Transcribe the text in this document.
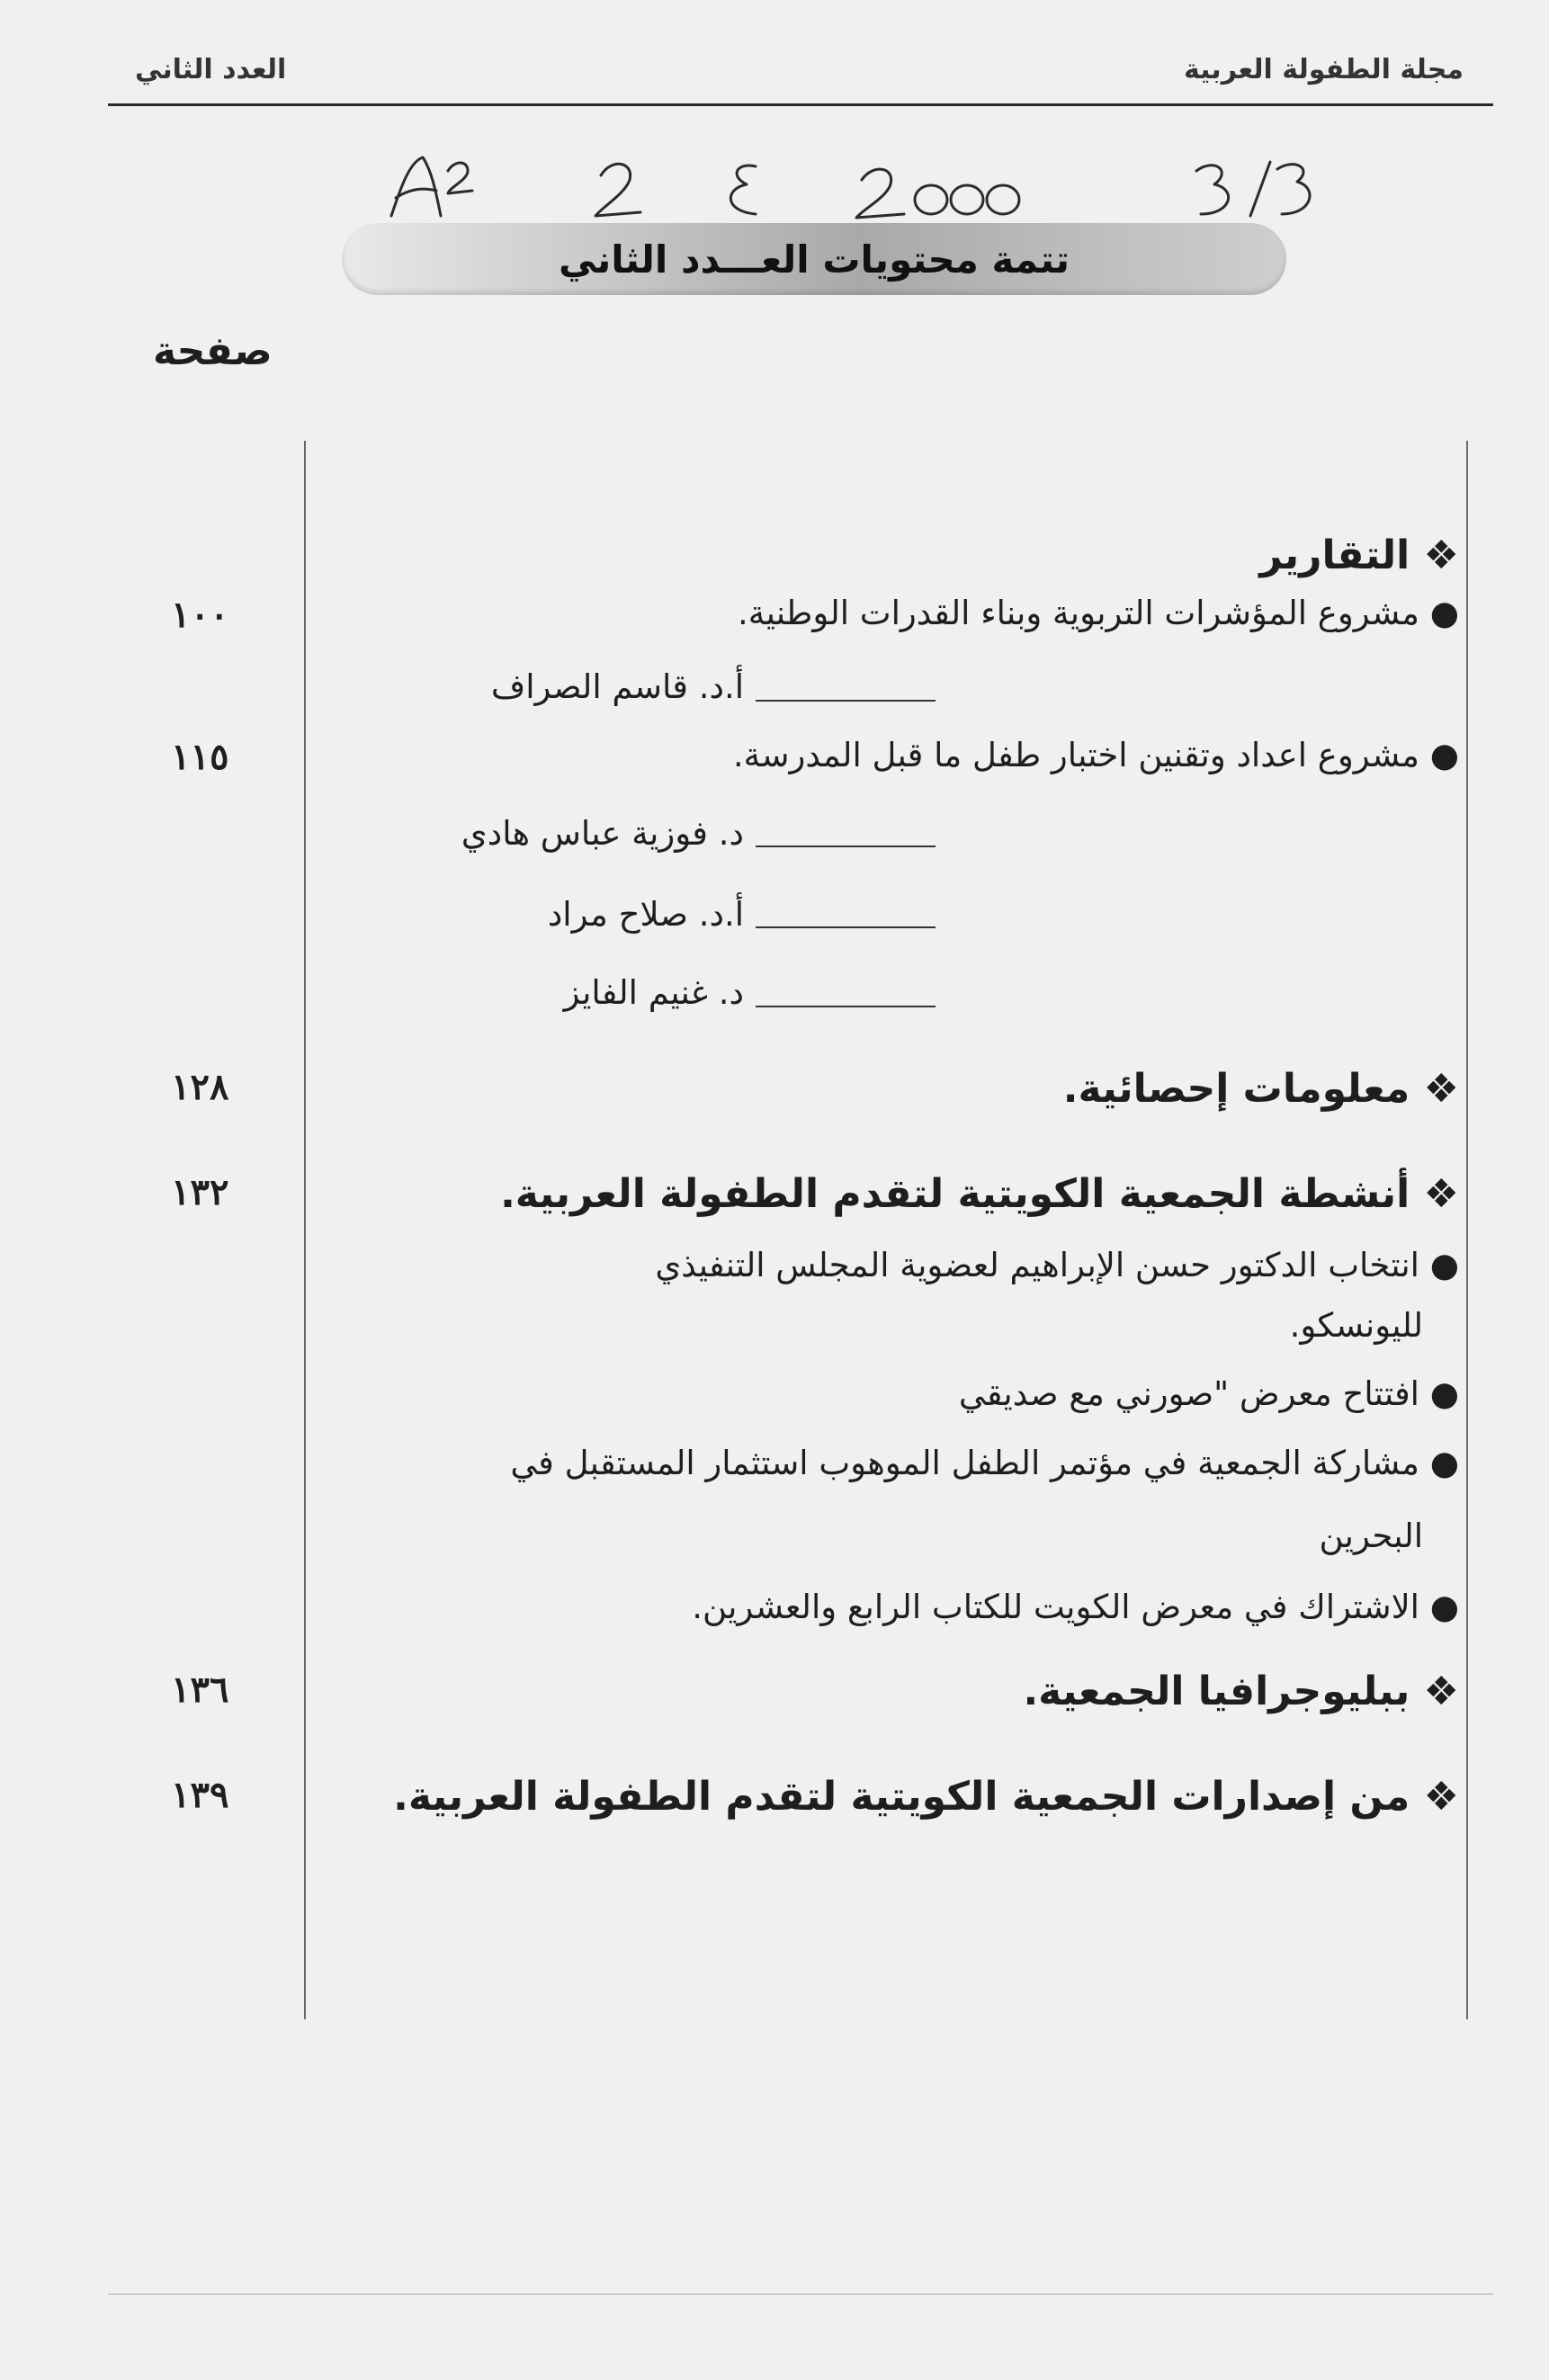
مجلة الطفولة العربية
العدد الثاني
تتمة محتويات العـــدد الثاني
صفحة
❖ التقارير
١٠٠	● مشروع المؤشرات التربوية وبناء القدرات الوطنية.
أ.د. قاسم الصراف
١١٥	● مشروع اعداد وتقنين اختبار طفل ما قبل المدرسة.
د. فوزية عباس هادي
أ.د. صلاح مراد
د. غنيم الفايز
١٢٨	❖ معلومات إحصائية.
١٣٢	❖ أنشطة الجمعية الكويتية لتقدم الطفولة العربية.
● انتخاب الدكتور حسن الإبراهيم لعضوية المجلس التنفيذي
لليونسكو.
● افتتاح معرض "صورني مع صديقي
● مشاركة الجمعية في مؤتمر الطفل الموهوب استثمار المستقبل في
البحرين
● الاشتراك في معرض الكويت للكتاب الرابع والعشرين.
١٣٦	❖ ببليوجرافيا الجمعية.
١٣٩	❖ من إصدارات الجمعية الكويتية لتقدم الطفولة العربية.
